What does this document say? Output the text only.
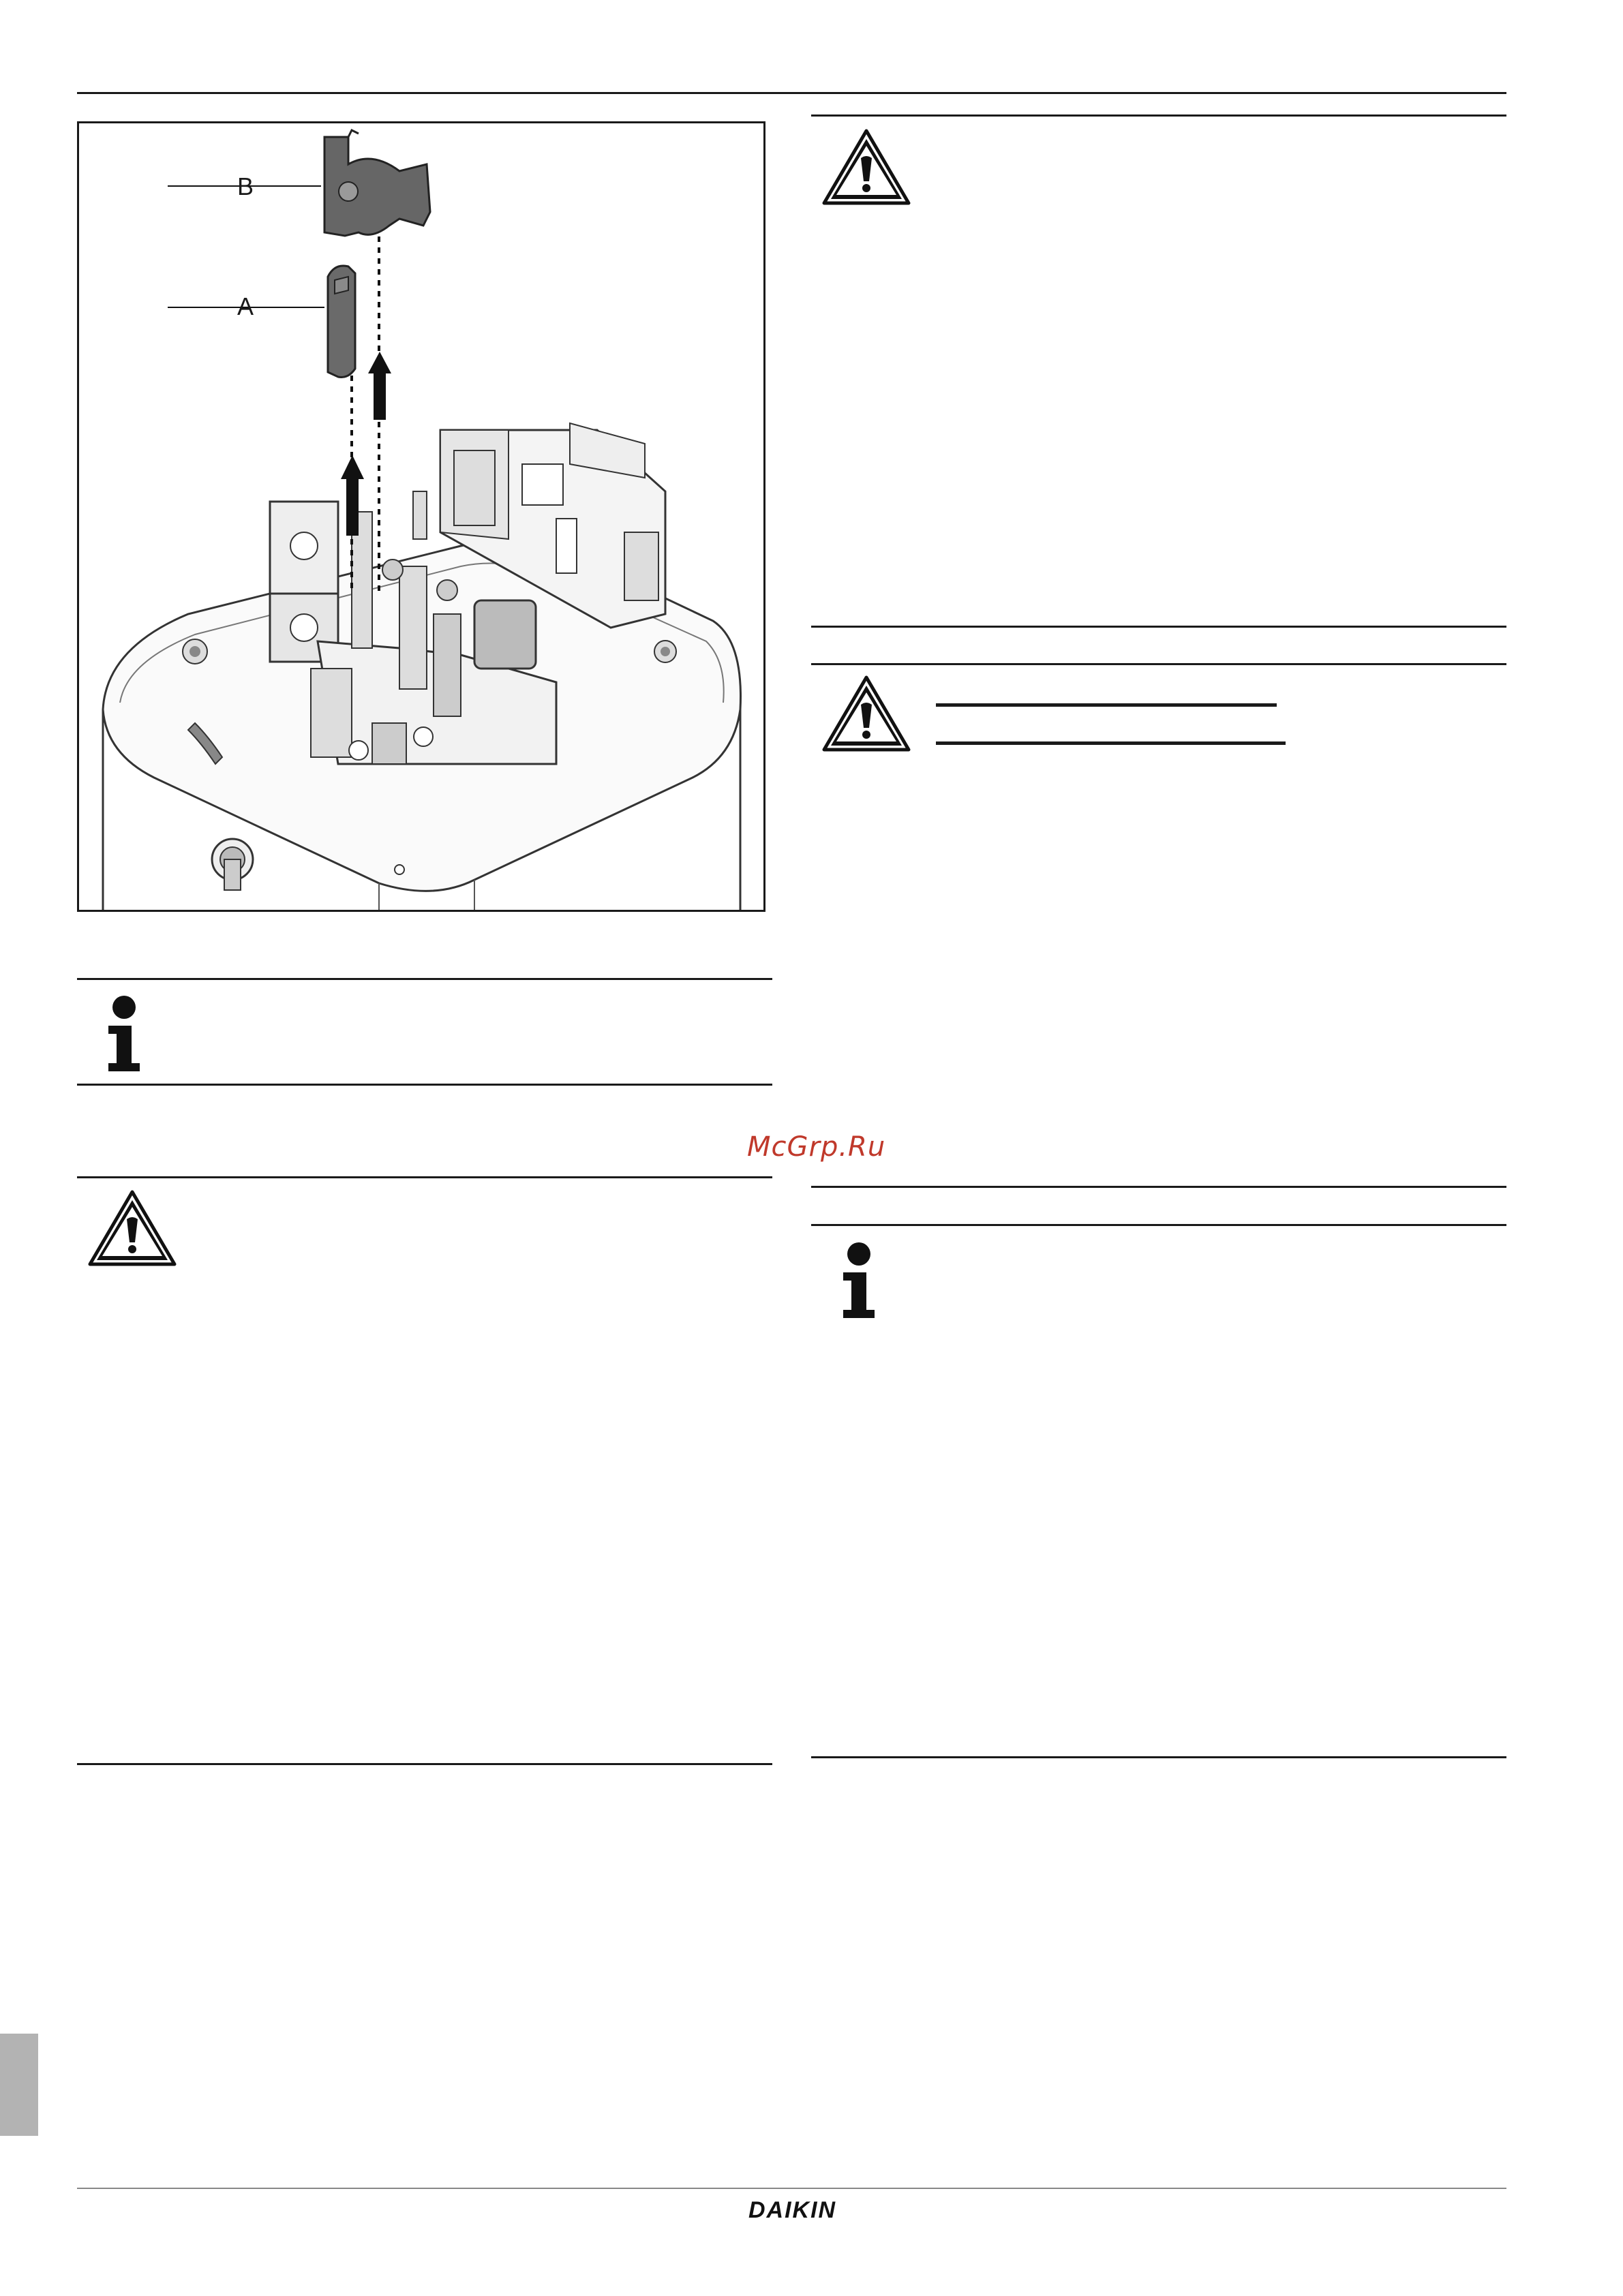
B
A
McGrp.Ru
DAIKIN
